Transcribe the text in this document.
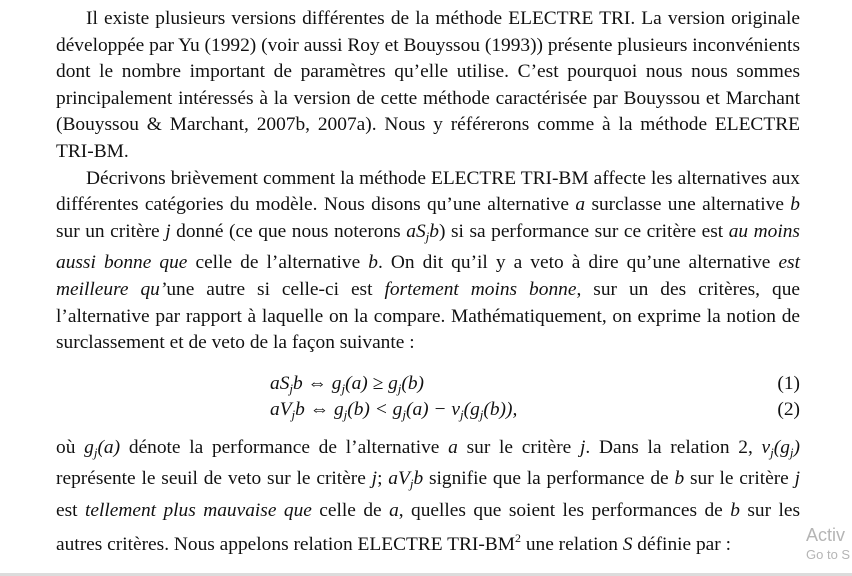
Il existe plusieurs versions différentes de la méthode ELECTRE TRI. La version originale développée par Yu (1992) (voir aussi Roy et Bouyssou (1993)) présente plusieurs inconvénients dont le nombre important de paramètres qu’elle utilise. C’est pourquoi nous nous sommes principalement intéressés à la version de cette méthode caractérisée par Bouyssou et Marchant (Bouyssou & Marchant, 2007b, 2007a). Nous y référerons comme à la méthode ELECTRE TRI-BM.

Décrivons brièvement comment la méthode ELECTRE TRI-BM affecte les alternatives aux différentes catégories du modèle. Nous disons qu’une alternative a surclasse une alternative b sur un critère j donné (ce que nous noterons $aS_jb$) si sa performance sur ce critère est au moins aussi bonne que celle de l’alternative b. On dit qu’il y a veto à dire qu’une alternative est meilleure qu’une autre si celle-ci est fortement moins bonne, sur un des critères, que l’alternative par rapport à laquelle on la compare. Mathématiquement, on exprime la notion de surclassement et de veto de la façon suivante :

$aS_jb$ ⇔ $g_j(a) \ge g_j(b)$	(1)
$aV_jb$ ⇔ $g_j(b) < g_j(a) - v_j(g_j(b))$,	(2)

où $g_j(a)$ dénote la performance de l’alternative a sur le critère j. Dans la relation 2, $v_j(g_j)$ représente le seuil de veto sur le critère j; $aV_jb$ signifie que la performance de b sur le critère j est tellement plus mauvaise que celle de a, quelles que soient les performances de b sur les autres critères. Nous appelons relation ELECTRE TRI-$BM^2$ une relation S définie par :	Activ
Go to S
